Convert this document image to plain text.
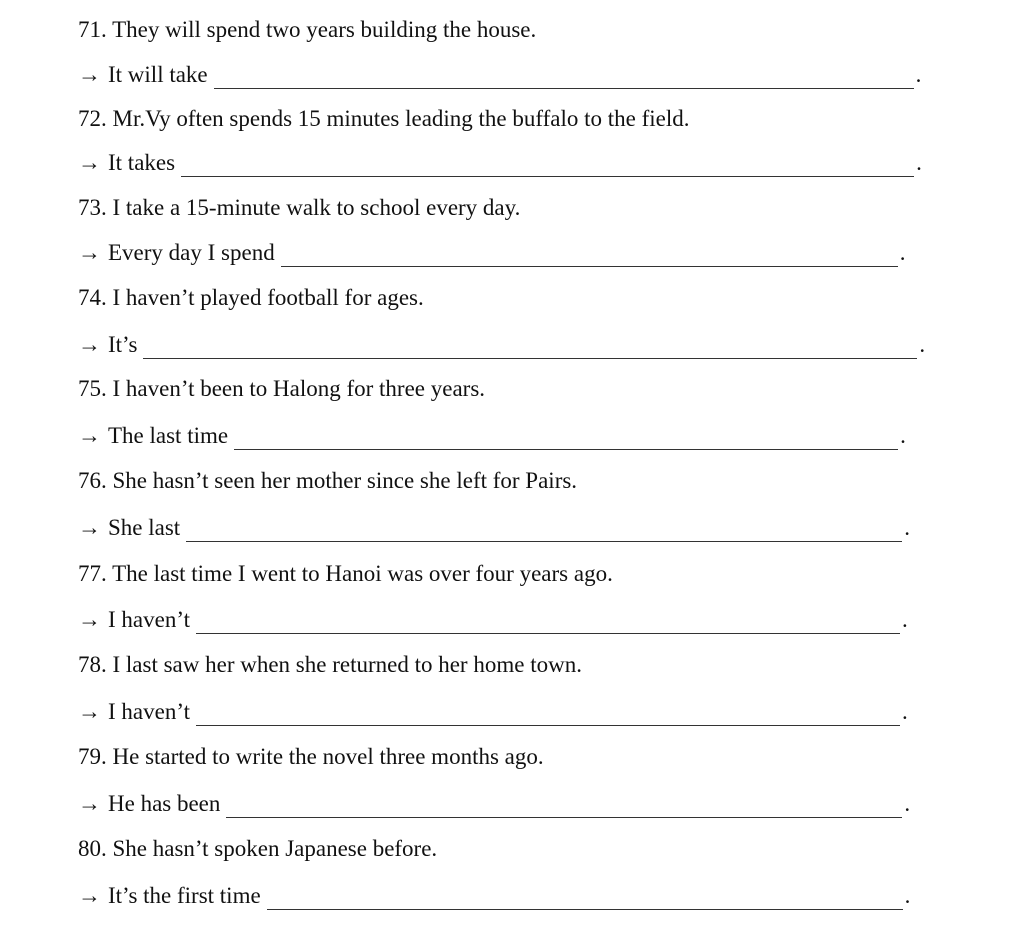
71. They will spend two years building the house.
→ It will take	.
72. Mr.Vy often spends 15 minutes leading the buffalo to the field.
→ It takes	.
73. I take a 15-minute walk to school every day.
→ Every day I spend	.
74. I haven’t played football for ages.
→ It’s	.
75. I haven’t been to Halong for three years.
→ The last time	.
76. She hasn’t seen her mother since she left for Pairs.
→ She last	.
77. The last time I went to Hanoi was over four years ago.
→ I haven’t	.
78. I last saw her when she returned to her home town.
→ I haven’t	.
79. He started to write the novel three months ago.
→ He has been	.
80. She hasn’t spoken Japanese before.
→ It’s the first time	.
